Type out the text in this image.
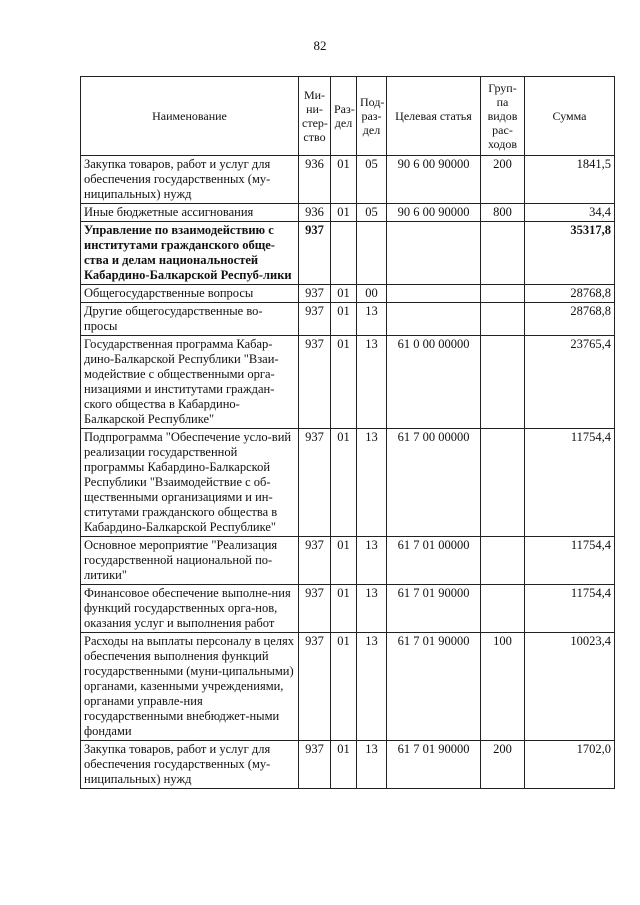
82
Наименование	Ми-ни-стер-ство	Раз-дел	Под-раз-дел	Целевая статья	Груп-па видов рас-ходов	Сумма
Закупка товаров, работ и услуг для обеспечения государственных (му-ниципальных) нужд	936	01	05	90 6 00 90000	200	1841,5
Иные бюджетные ассигнования	936	01	05	90 6 00 90000	800	34,4
Управление по взаимодействию с институтами гражданского обще-ства и делам национальностей Кабардино-Балкарской Респуб-лики	937					35317,8
Общегосударственные вопросы	937	01	00			28768,8
Другие общегосударственные во-просы	937	01	13			28768,8
Государственная программа Кабар-дино-Балкарской Республики "Взаи-модействие с общественными орга-низациями и институтами граждан-ского общества в Кабардино-Балкарской Республике"	937	01	13	61 0 00 00000		23765,4
Подпрограмма "Обеспечение усло-вий реализации государственной программы Кабардино-Балкарской Республики "Взаимодействие с об-щественными организациями и ин-ститутами гражданского общества в Кабардино-Балкарской Республике"	937	01	13	61 7 00 00000		11754,4
Основное мероприятие "Реализация государственной национальной по-литики"	937	01	13	61 7 01 00000		11754,4
Финансовое обеспечение выполне-ния функций государственных орга-нов, оказания услуг и выполнения работ	937	01	13	61 7 01 90000		11754,4
Расходы на выплаты персоналу в целях обеспечения выполнения функций государственными (муни-ципальными) органами, казенными учреждениями, органами управле-ния государственными внебюджет-ными фондами	937	01	13	61 7 01 90000	100	10023,4
Закупка товаров, работ и услуг для обеспечения государственных (му-ниципальных) нужд	937	01	13	61 7 01 90000	200	1702,0
